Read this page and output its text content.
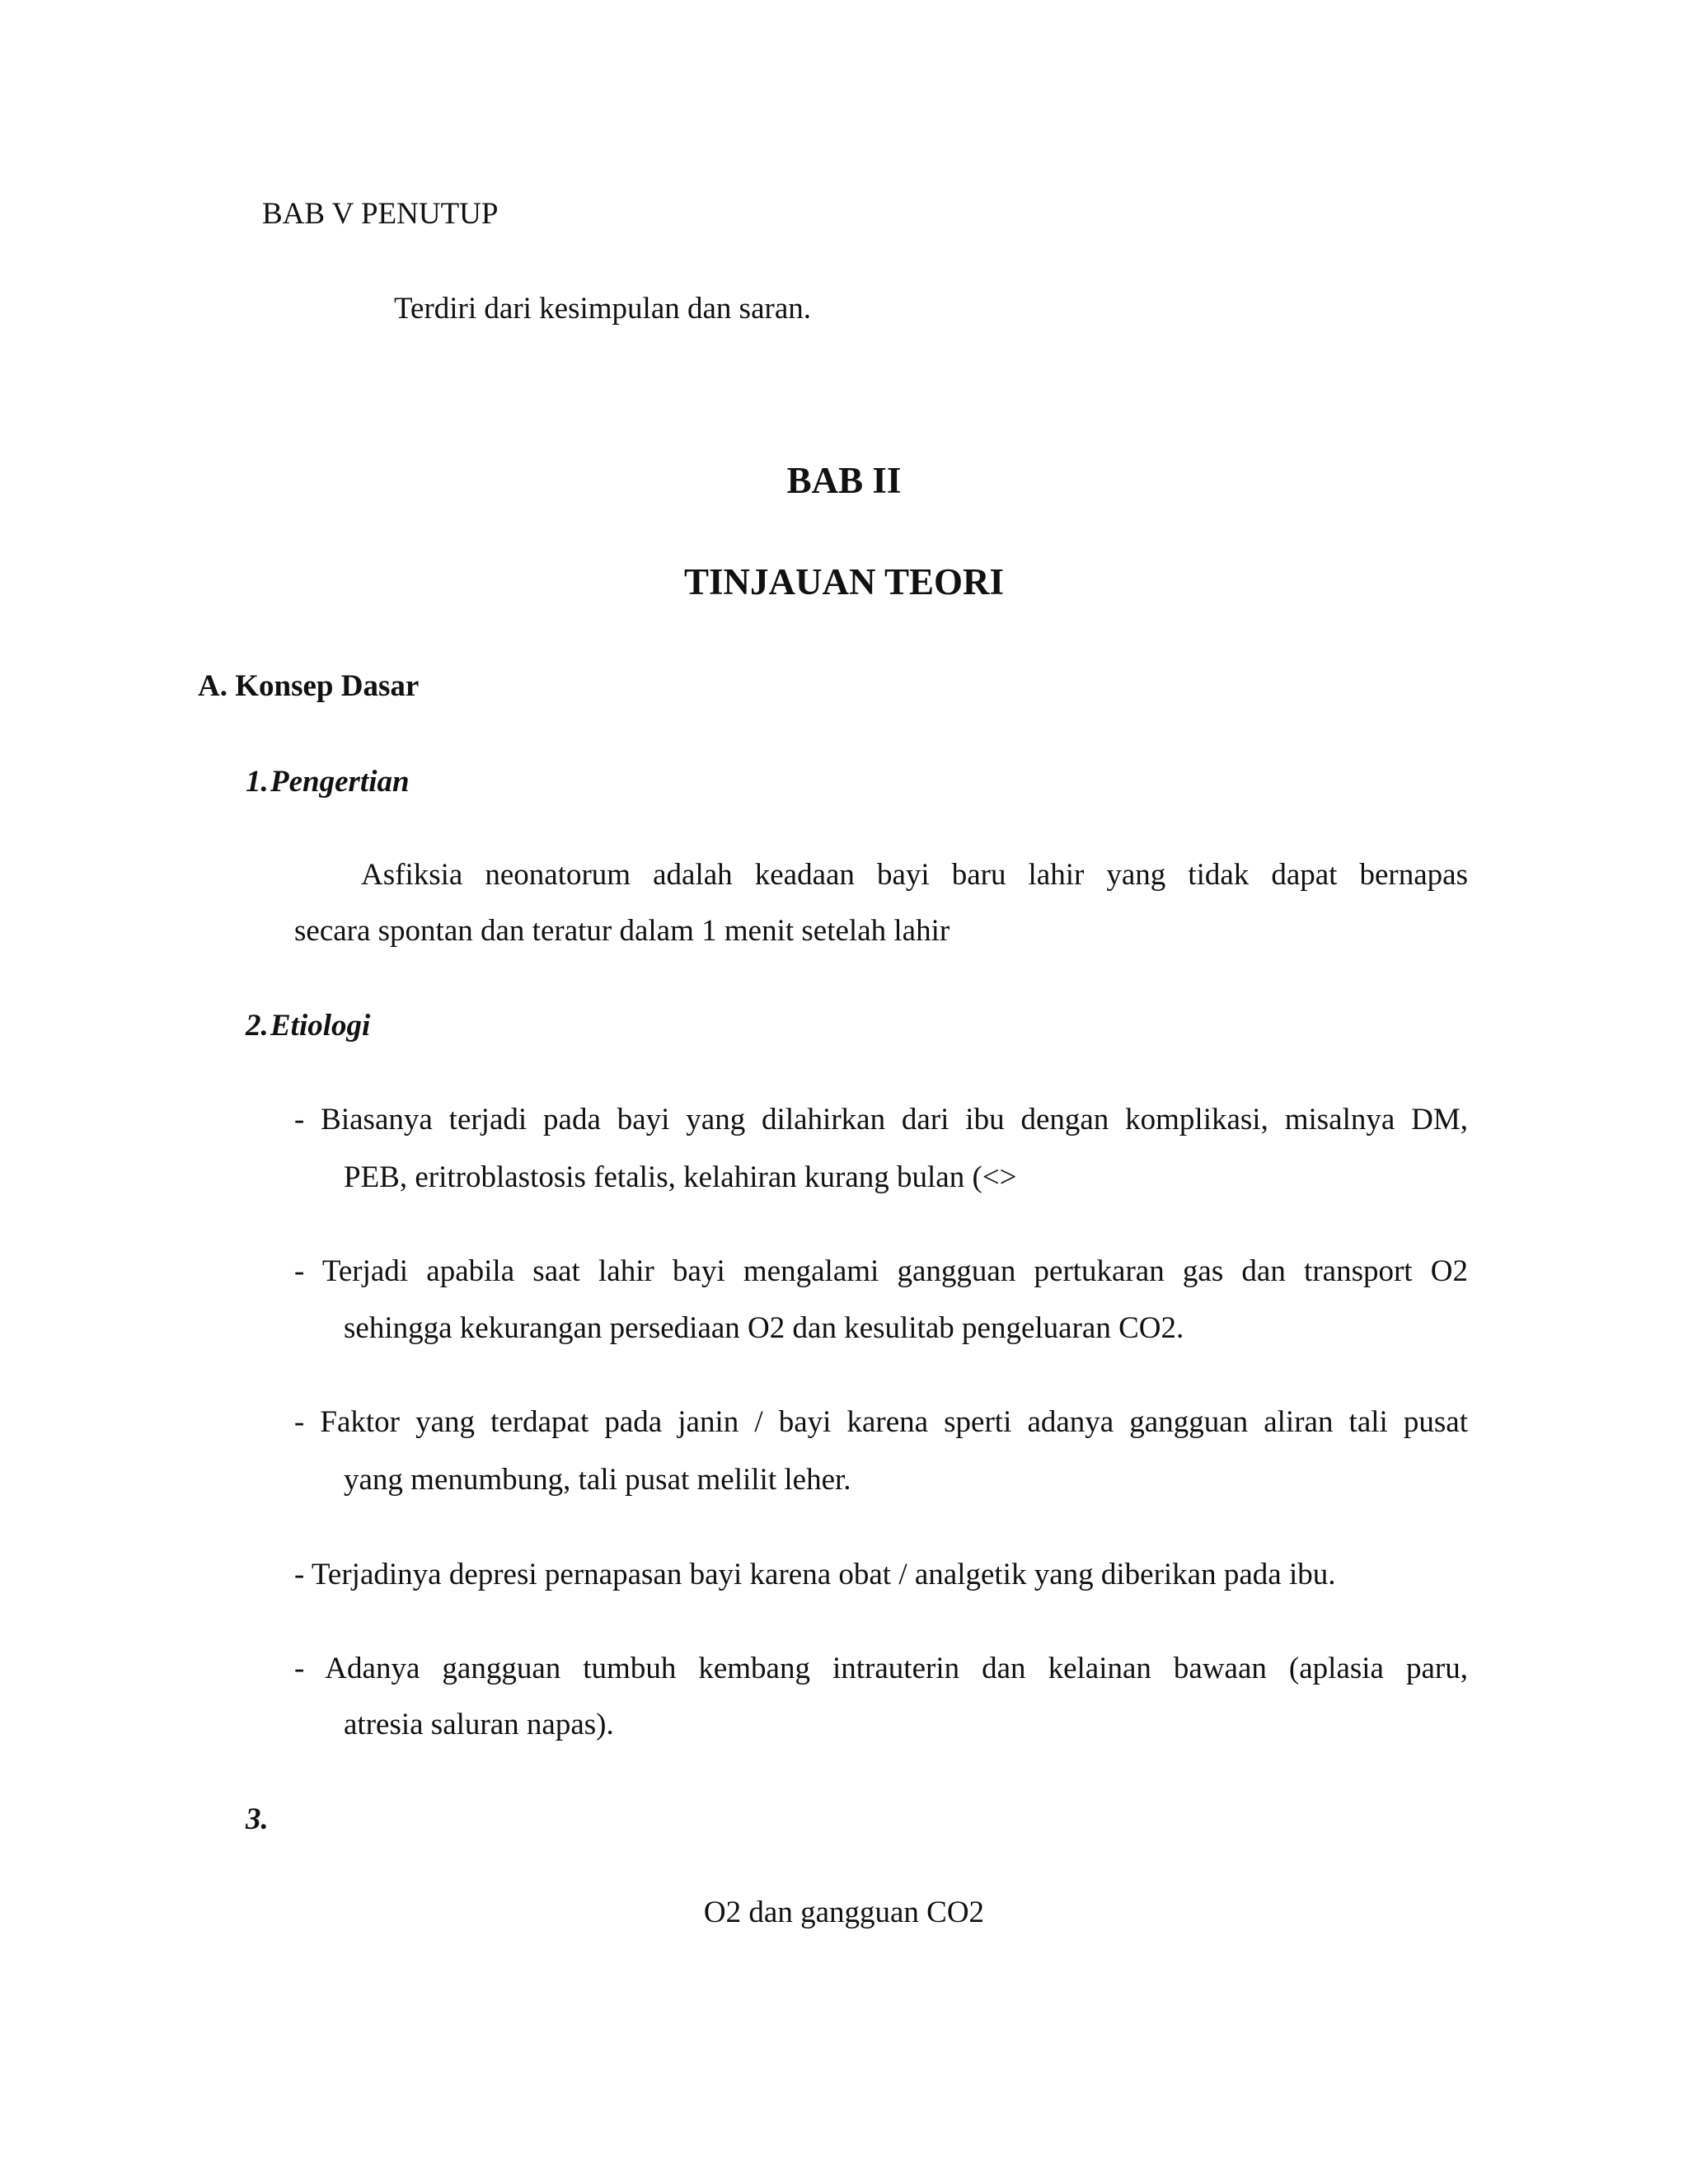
BAB V PENUTUP
Terdiri dari kesimpulan dan saran.
BAB II
TINJAUAN TEORI
A. Konsep Dasar
1.Pengertian
Asfiksia neonatorum adalah keadaan bayi baru lahir yang tidak dapat bernapas
secara spontan dan teratur dalam 1 menit setelah lahir
2.Etiologi
- Biasanya terjadi pada bayi yang dilahirkan dari ibu dengan komplikasi, misalnya DM,
PEB, eritroblastosis fetalis, kelahiran kurang bulan (<>
- Terjadi apabila saat lahir bayi mengalami gangguan pertukaran gas dan transport O2
sehingga kekurangan persediaan O2 dan kesulitab pengeluaran CO2.
- Faktor yang terdapat pada janin / bayi karena sperti adanya gangguan aliran tali pusat
yang menumbung, tali pusat melilit leher.
- Terjadinya depresi pernapasan bayi karena obat / analgetik yang diberikan pada ibu.
- Adanya gangguan tumbuh kembang intrauterin dan kelainan bawaan (aplasia paru,
atresia saluran napas).
3.
O2 dan gangguan CO2
